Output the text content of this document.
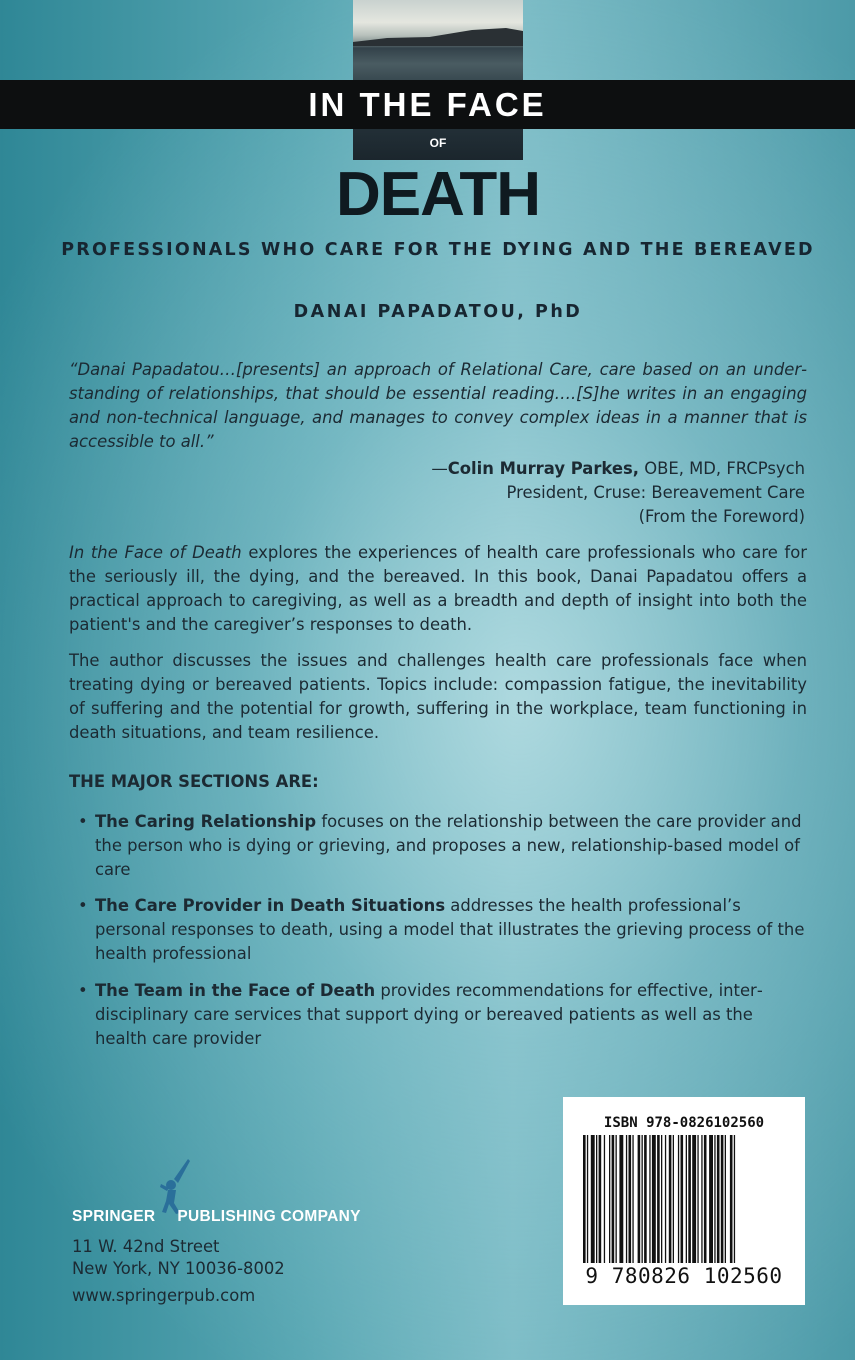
IN THE FACE
OF
DEATH
PROFESSIONALS WHO CARE FOR THE DYING AND THE BEREAVED
DANAI PAPADATOU, PhD
“Danai Papadatou…[presents] an approach of Relational Care, care based on an understanding of relationships, that should be essential reading….[S]he writes in an engaging and non-technical language, and manages to convey complex ideas in a manner that is accessible to all.”
—Colin Murray Parkes, OBE, MD, FRCPsych
President, Cruse: Bereavement Care
(From the Foreword)
In the Face of Death explores the experiences of health care professionals who care for the seriously ill, the dying, and the bereaved. In this book, Danai Papadatou offers a practical approach to caregiving, as well as a breadth and depth of insight into both the patient's and the caregiver’s responses to death.
The author discusses the issues and challenges health care professionals face when treating dying or bereaved patients. Topics include: compassion fatigue, the inevitability of suffering and the potential for growth, suffering in the workplace, team functioning in death situations, and team resilience.
THE MAJOR SECTIONS ARE:
• The Caring Relationship focuses on the relationship between the care provider and the person who is dying or grieving, and proposes a new, relationship-based model of care
• The Care Provider in Death Situations addresses the health professional’s personal responses to death, using a model that illustrates the grieving process of the health professional
• The Team in the Face of Death provides recommendations for effective, interdisciplinary care services that support dying or bereaved patients as well as the health care provider
SPRINGER PUBLISHING COMPANY
11 W. 42nd Street
New York, NY 10036-8002
www.springerpub.com
ISBN 978-0826102560
9 780826 102560
